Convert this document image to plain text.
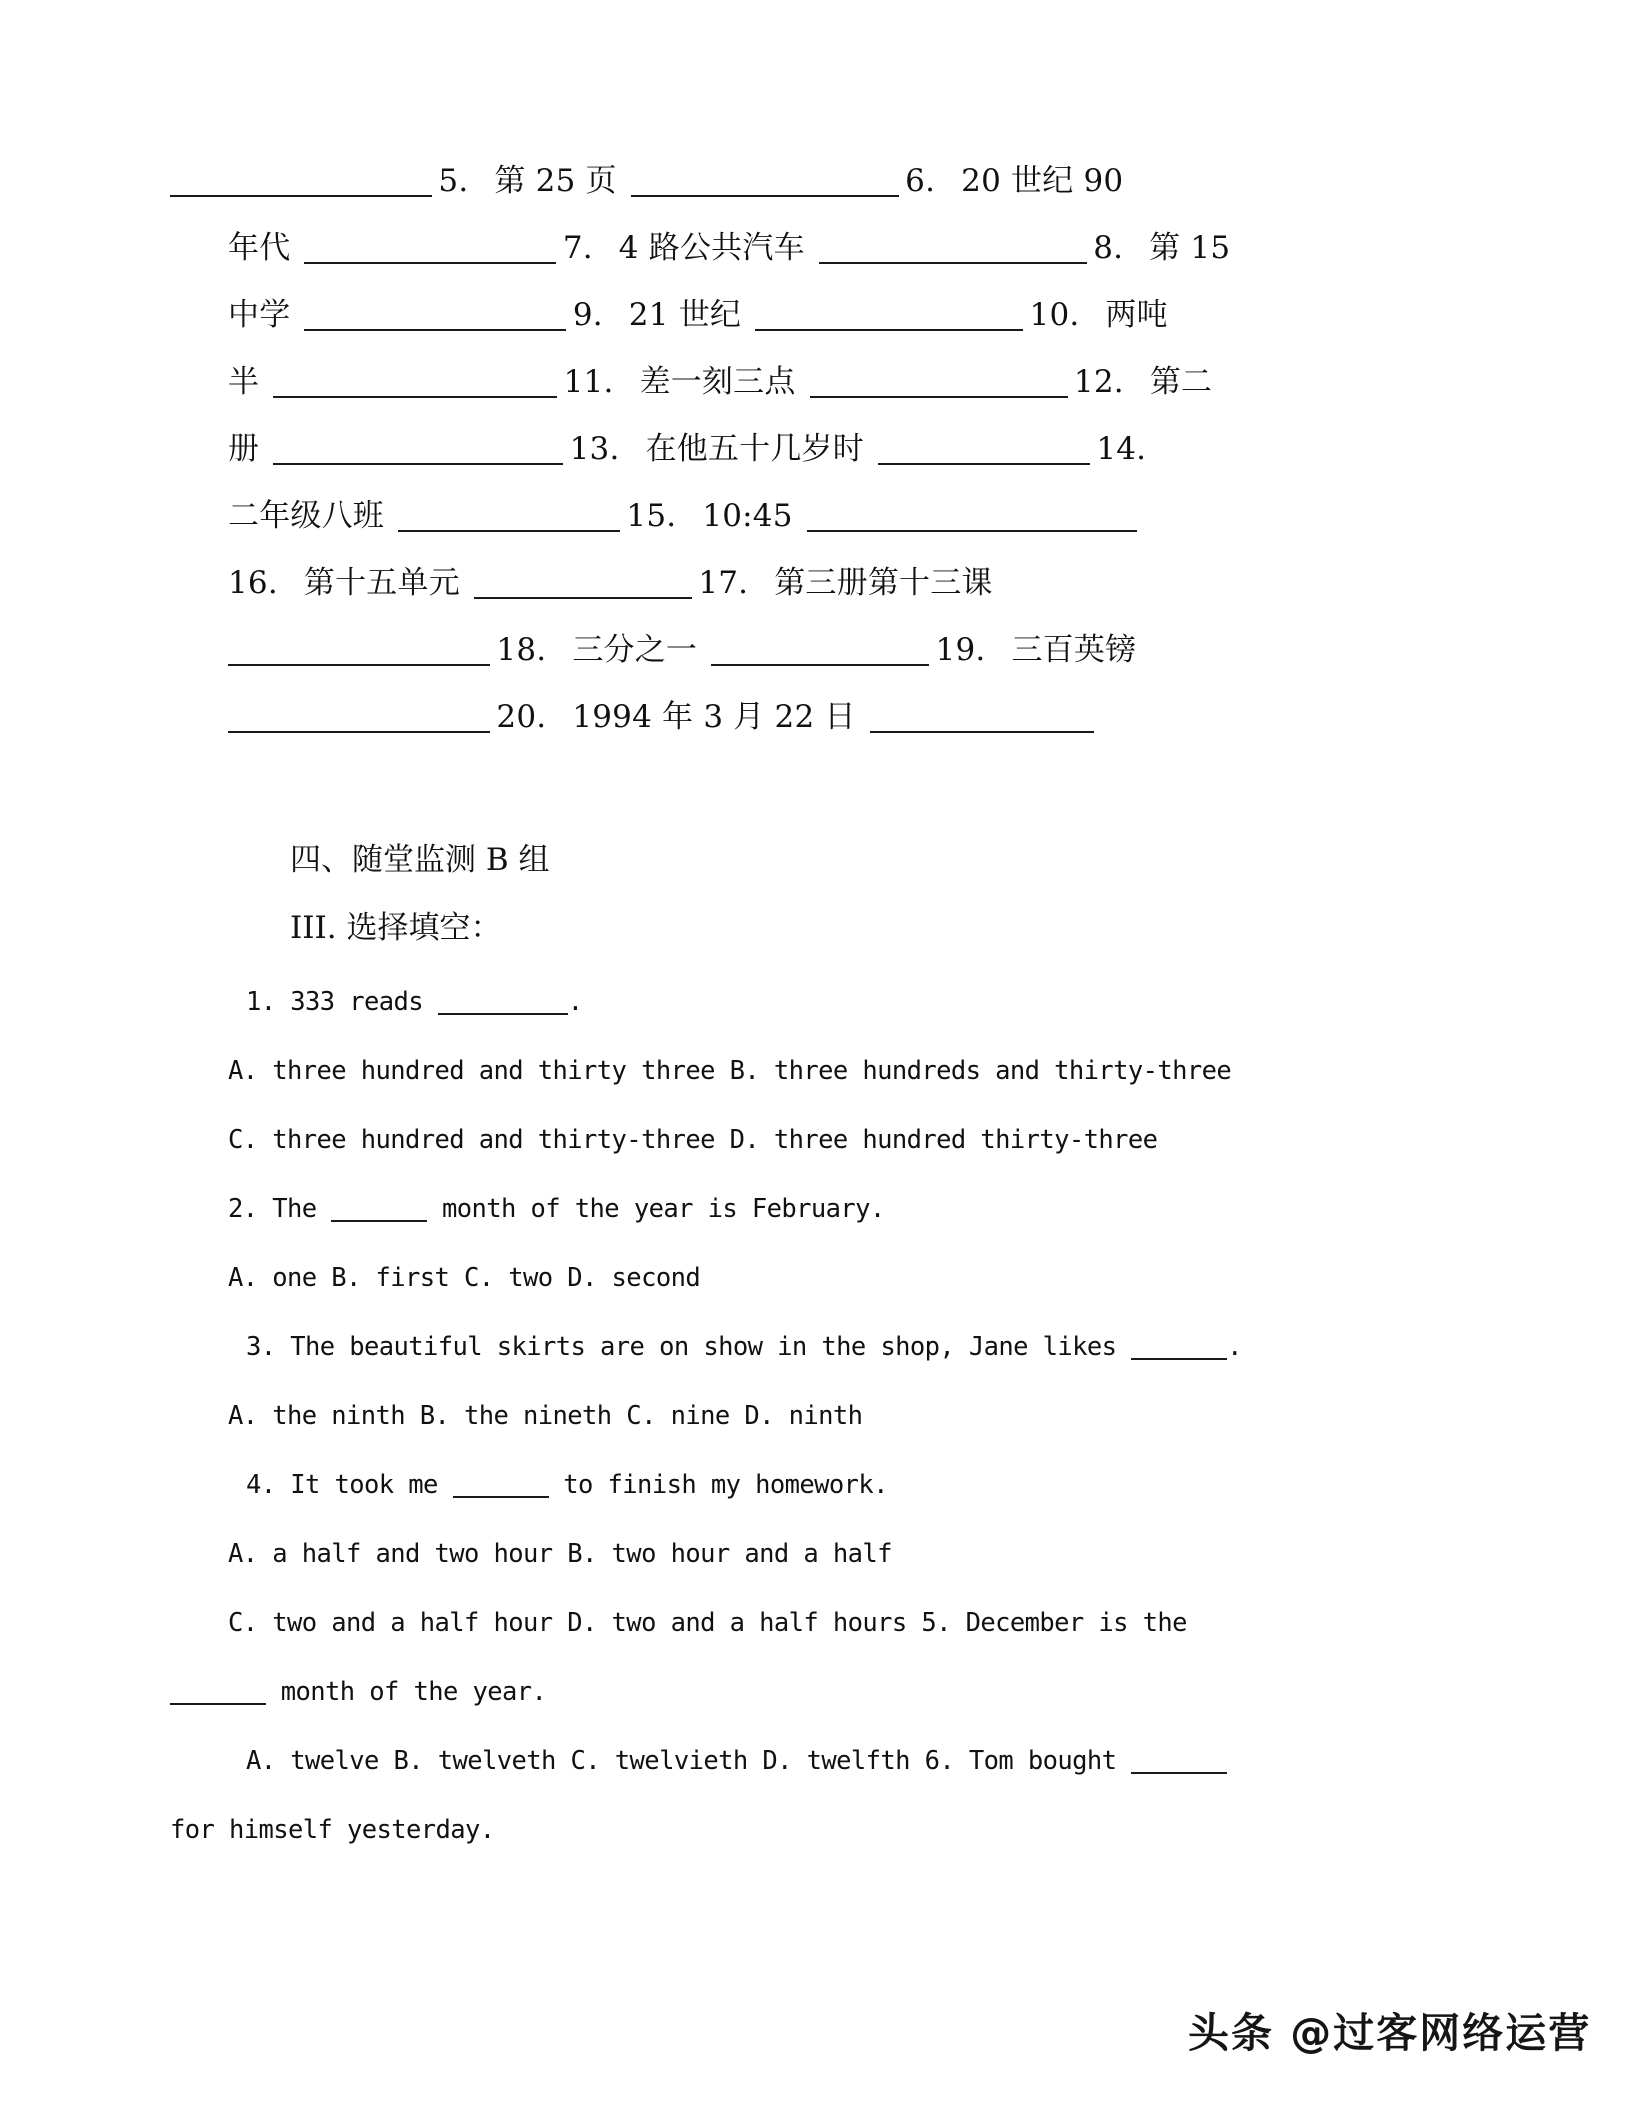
 5. 第 25 页 	6. 20 世纪 90
年代 	7. 4 路公共汽车 	8. 第 15
中学 	9. 21 世纪 	10. 两吨
半 	11. 差一刻三点 	12. 第二
册 	13. 在他五十几岁时 	14.
二年级八班 	15. 10:45 
16. 第十五单元 	17. 第三册第十三课
 18. 三分之一 	19. 三百英镑
 20. 1994 年 3 月 22 日 
四、随堂监测 B 组
III. 选择填空：
1. 333 reads	.
A. three hundred and thirty three B. three hundreds and thirty-three
C. three hundred and thirty-three D. three hundred thirty-three
2. The	month of the year is February.
A. one B. first C. two D. second
3. The beautiful skirts are on show in the shop, Jane likes	.
A. the ninth B. the nineth C. nine D. ninth
4. It took me	to finish my homework.
A. a half and two hour B. two hour and a half
C. two and a half hour D. two and a half hours 5. December is the
month of the year.
A. twelve B. twelveth C. twelvieth D. twelfth 6. Tom bought
for himself yesterday.
头条 @过客网络运营
